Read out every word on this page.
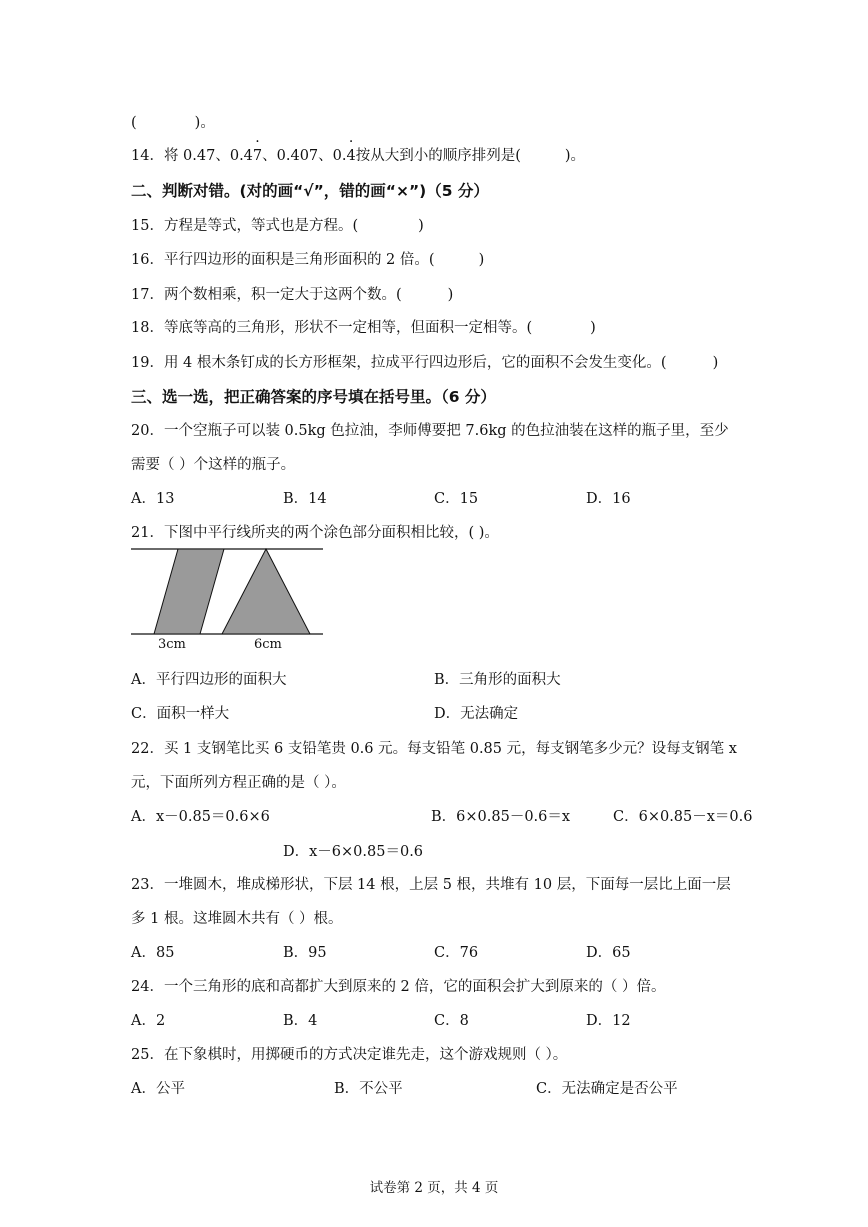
(	)。
14．将 0.47、0.47 ·、0.407、0.4 ·按从大到小的顺序排列是(	)。
二、判断对错。(对的画“√”，错的画“×”)（5 分）
15．方程是等式，等式也是方程。(	)
16．平行四边形的面积是三角形面积的 2 倍。(	)
17．两个数相乘，积一定大于这两个数。(	)
18．等底等高的三角形，形状不一定相等，但面积一定相等。(	)
19．用 4 根木条钉成的长方形框架，拉成平行四边形后，它的面积不会发生变化。(	)
三、选一选，把正确答案的序号填在括号里。（6 分）
20．一个空瓶子可以装 0.5kg 色拉油，李师傅要把 7.6kg 的色拉油装在这样的瓶子里，至少
需要（ ）个这样的瓶子。
A．13	B．14	C．15	D．16
21．下图中平行线所夹的两个涂色部分面积相比较，( )。
3cm	6cm
A．平行四边形的面积大	B．三角形的面积大
C．面积一样大	D．无法确定
22．买 1 支钢笔比买 6 支铅笔贵 0.6 元。每支铅笔 0.85 元，每支钢笔多少元？设每支钢笔 x
元，下面所列方程正确的是（ ）。
A．x－0.85＝0.6×6	B．6×0.85－0.6＝x	C．6×0.85－x＝0.6
D．x－6×0.85＝0.6
23．一堆圆木，堆成梯形状，下层 14 根，上层 5 根，共堆有 10 层，下面每一层比上面一层
多 1 根。这堆圆木共有（ ）根。
A．85	B．95	C．76	D．65
24．一个三角形的底和高都扩大到原来的 2 倍，它的面积会扩大到原来的（ ）倍。
A．2	B．4	C．8	D．12
25．在下象棋时，用掷硬币的方式决定谁先走，这个游戏规则（ ）。
A．公平	B．不公平	C．无法确定是否公平
试卷第 2 页，共 4 页
